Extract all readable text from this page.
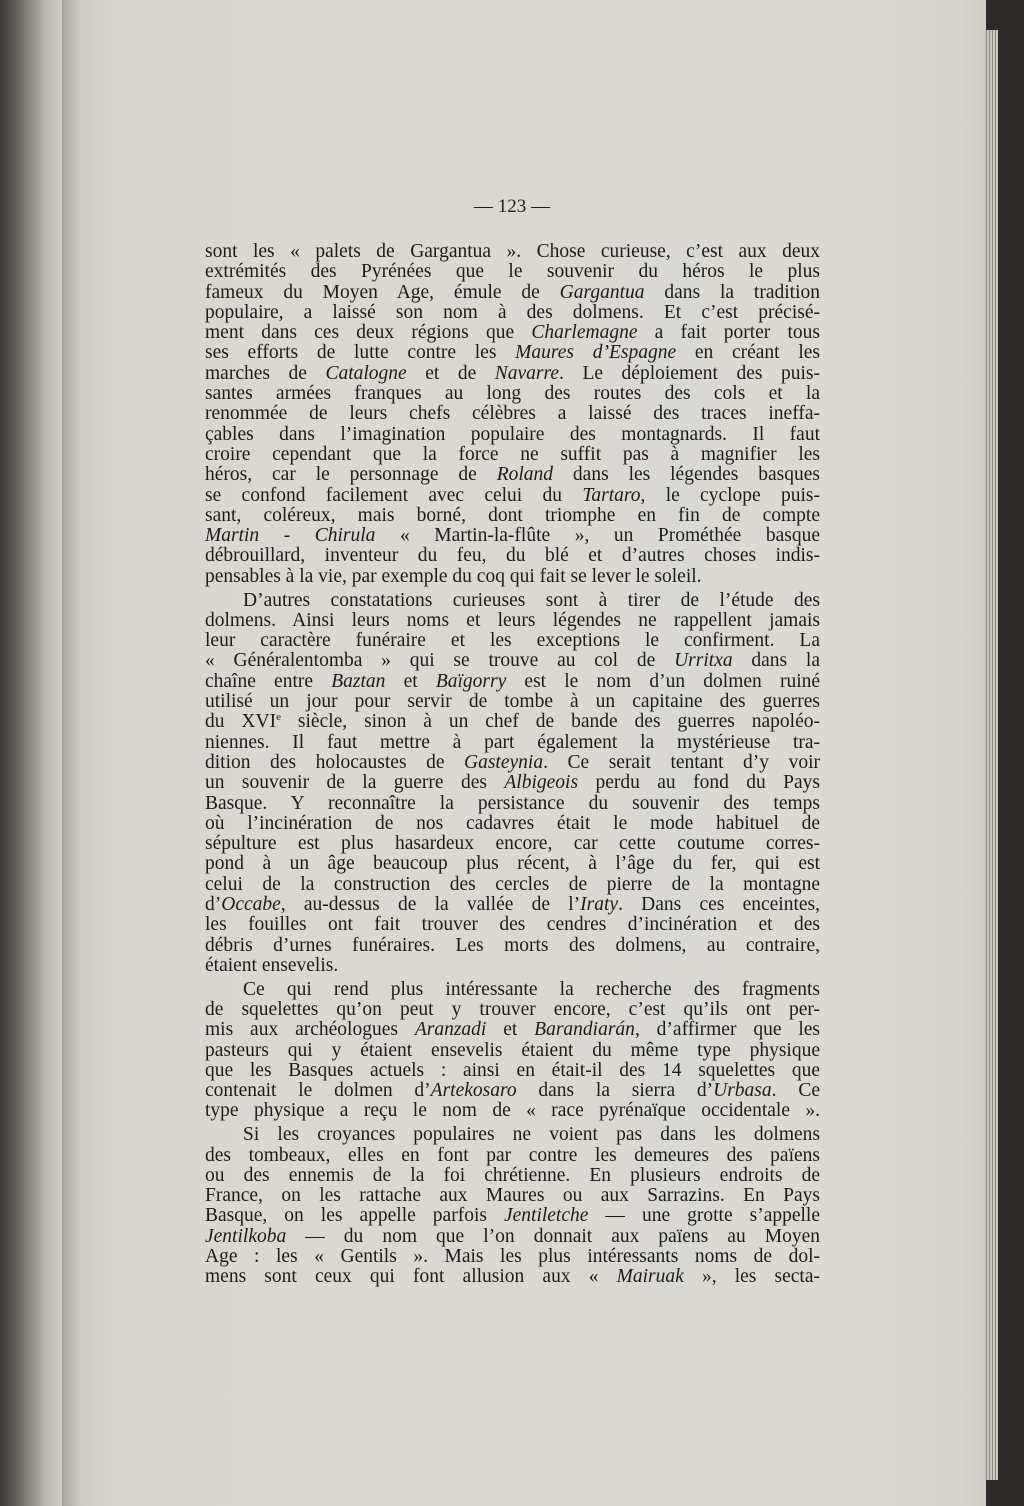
— 123 —
sont les « palets de Gargantua ». Chose curieuse, c’est aux deux
extrémités des Pyrénées que le souvenir du héros le plus
fameux du Moyen Age, émule de Gargantua dans la tradition
populaire, a laissé son nom à des dolmens. Et c’est précisé-
ment dans ces deux régions que Charlemagne a fait porter tous
ses efforts de lutte contre les Maures d’Espagne en créant les
marches de Catalogne et de Navarre. Le déploiement des puis-
santes armées franques au long des routes des cols et la
renommée de leurs chefs célèbres a laissé des traces ineffa-
çables dans l’imagination populaire des montagnards. Il faut
croire cependant que la force ne suffit pas à magnifier les
héros, car le personnage de Roland dans les légendes basques
se confond facilement avec celui du Tartaro, le cyclope puis-
sant, coléreux, mais borné, dont triomphe en fin de compte
Martin - Chirula « Martin-la-flûte », un Prométhée basque
débrouillard, inventeur du feu, du blé et d’autres choses indis-
pensables à la vie, par exemple du coq qui fait se lever le soleil.
D’autres constatations curieuses sont à tirer de l’étude des
dolmens. Ainsi leurs noms et leurs légendes ne rappellent jamais
leur caractère funéraire et les exceptions le confirment. La
« Généralentomba » qui se trouve au col de Urritxa dans la
chaîne entre Baztan et Baïgorry est le nom d’un dolmen ruiné
utilisé un jour pour servir de tombe à un capitaine des guerres
du XVIe siècle, sinon à un chef de bande des guerres napoléo-
niennes. Il faut mettre à part également la mystérieuse tra-
dition des holocaustes de Gasteynia. Ce serait tentant d’y voir
un souvenir de la guerre des Albigeois perdu au fond du Pays
Basque. Y reconnaître la persistance du souvenir des temps
où l’incinération de nos cadavres était le mode habituel de
sépulture est plus hasardeux encore, car cette coutume corres-
pond à un âge beaucoup plus récent, à l’âge du fer, qui est
celui de la construction des cercles de pierre de la montagne
d’Occabe, au-dessus de la vallée de l’Iraty. Dans ces enceintes,
les fouilles ont fait trouver des cendres d’incinération et des
débris d’urnes funéraires. Les morts des dolmens, au contraire,
étaient ensevelis.
Ce qui rend plus intéressante la recherche des fragments
de squelettes qu’on peut y trouver encore, c’est qu’ils ont per-
mis aux archéologues Aranzadi et Barandiarán, d’affirmer que les
pasteurs qui y étaient ensevelis étaient du même type physique
que les Basques actuels : ainsi en était-il des 14 squelettes que
contenait le dolmen d’Artekosaro dans la sierra d’Urbasa. Ce
type physique a reçu le nom de « race pyrénaïque occidentale ».
Si les croyances populaires ne voient pas dans les dolmens
des tombeaux, elles en font par contre les demeures des païens
ou des ennemis de la foi chrétienne. En plusieurs endroits de
France, on les rattache aux Maures ou aux Sarrazins. En Pays
Basque, on les appelle parfois Jentiletche — une grotte s’appelle
Jentilkoba — du nom que l’on donnait aux païens au Moyen
Age : les « Gentils ». Mais les plus intéressants noms de dol-
mens sont ceux qui font allusion aux « Mairuak », les secta-
